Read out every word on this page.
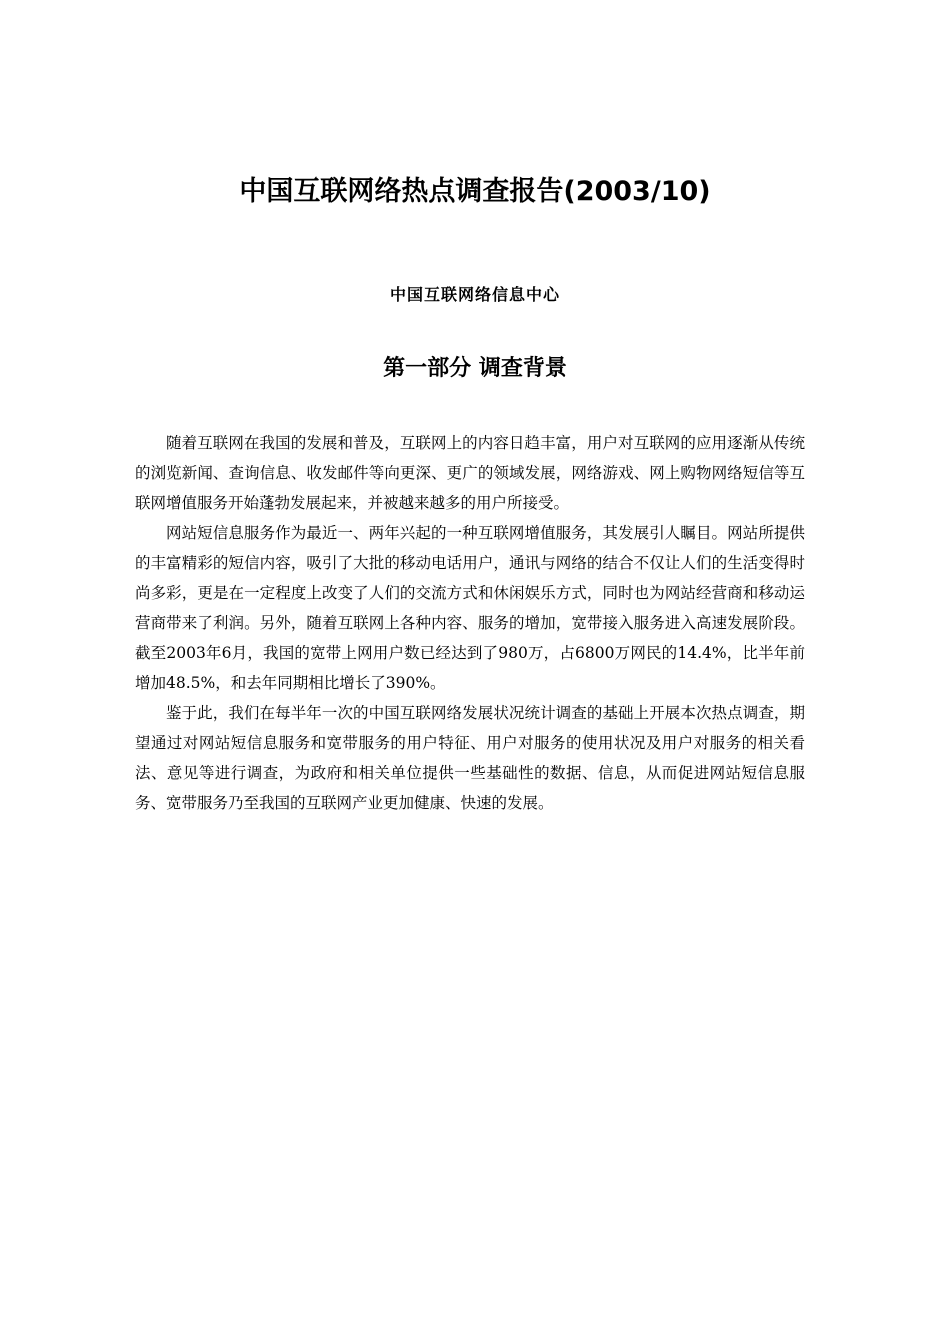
中国互联网络热点调查报告(2003/10)
中国互联网络信息中心
第一部分 调查背景

随着互联网在我国的发展和普及，互联网上的内容日趋丰富，用户对互联网的应用逐渐从传统的浏览新闻、查询信息、收发邮件等向更深、更广的领域发展，网络游戏、网上购物网络短信等互联网增值服务开始蓬勃发展起来，并被越来越多的用户所接受。

网站短信息服务作为最近一、两年兴起的一种互联网增值服务，其发展引人瞩目。网站所提供的丰富精彩的短信内容，吸引了大批的移动电话用户，通讯与网络的结合不仅让人们的生活变得时尚多彩，更是在一定程度上改变了人们的交流方式和休闲娱乐方式，同时也为网站经营商和移动运营商带来了利润。另外，随着互联网上各种内容、服务的增加，宽带接入服务进入高速发展阶段。截至2003年6月，我国的宽带上网用户数已经达到了980万，占6800万网民的14.4%，比半年前增加48.5%，和去年同期相比增长了390%。

鉴于此，我们在每半年一次的中国互联网络发展状况统计调查的基础上开展本次热点调查，期望通过对网站短信息服务和宽带服务的用户特征、用户对服务的使用状况及用户对服务的相关看法、意见等进行调查，为政府和相关单位提供一些基础性的数据、信息，从而促进网站短信息服务、宽带服务乃至我国的互联网产业更加健康、快速的发展。
